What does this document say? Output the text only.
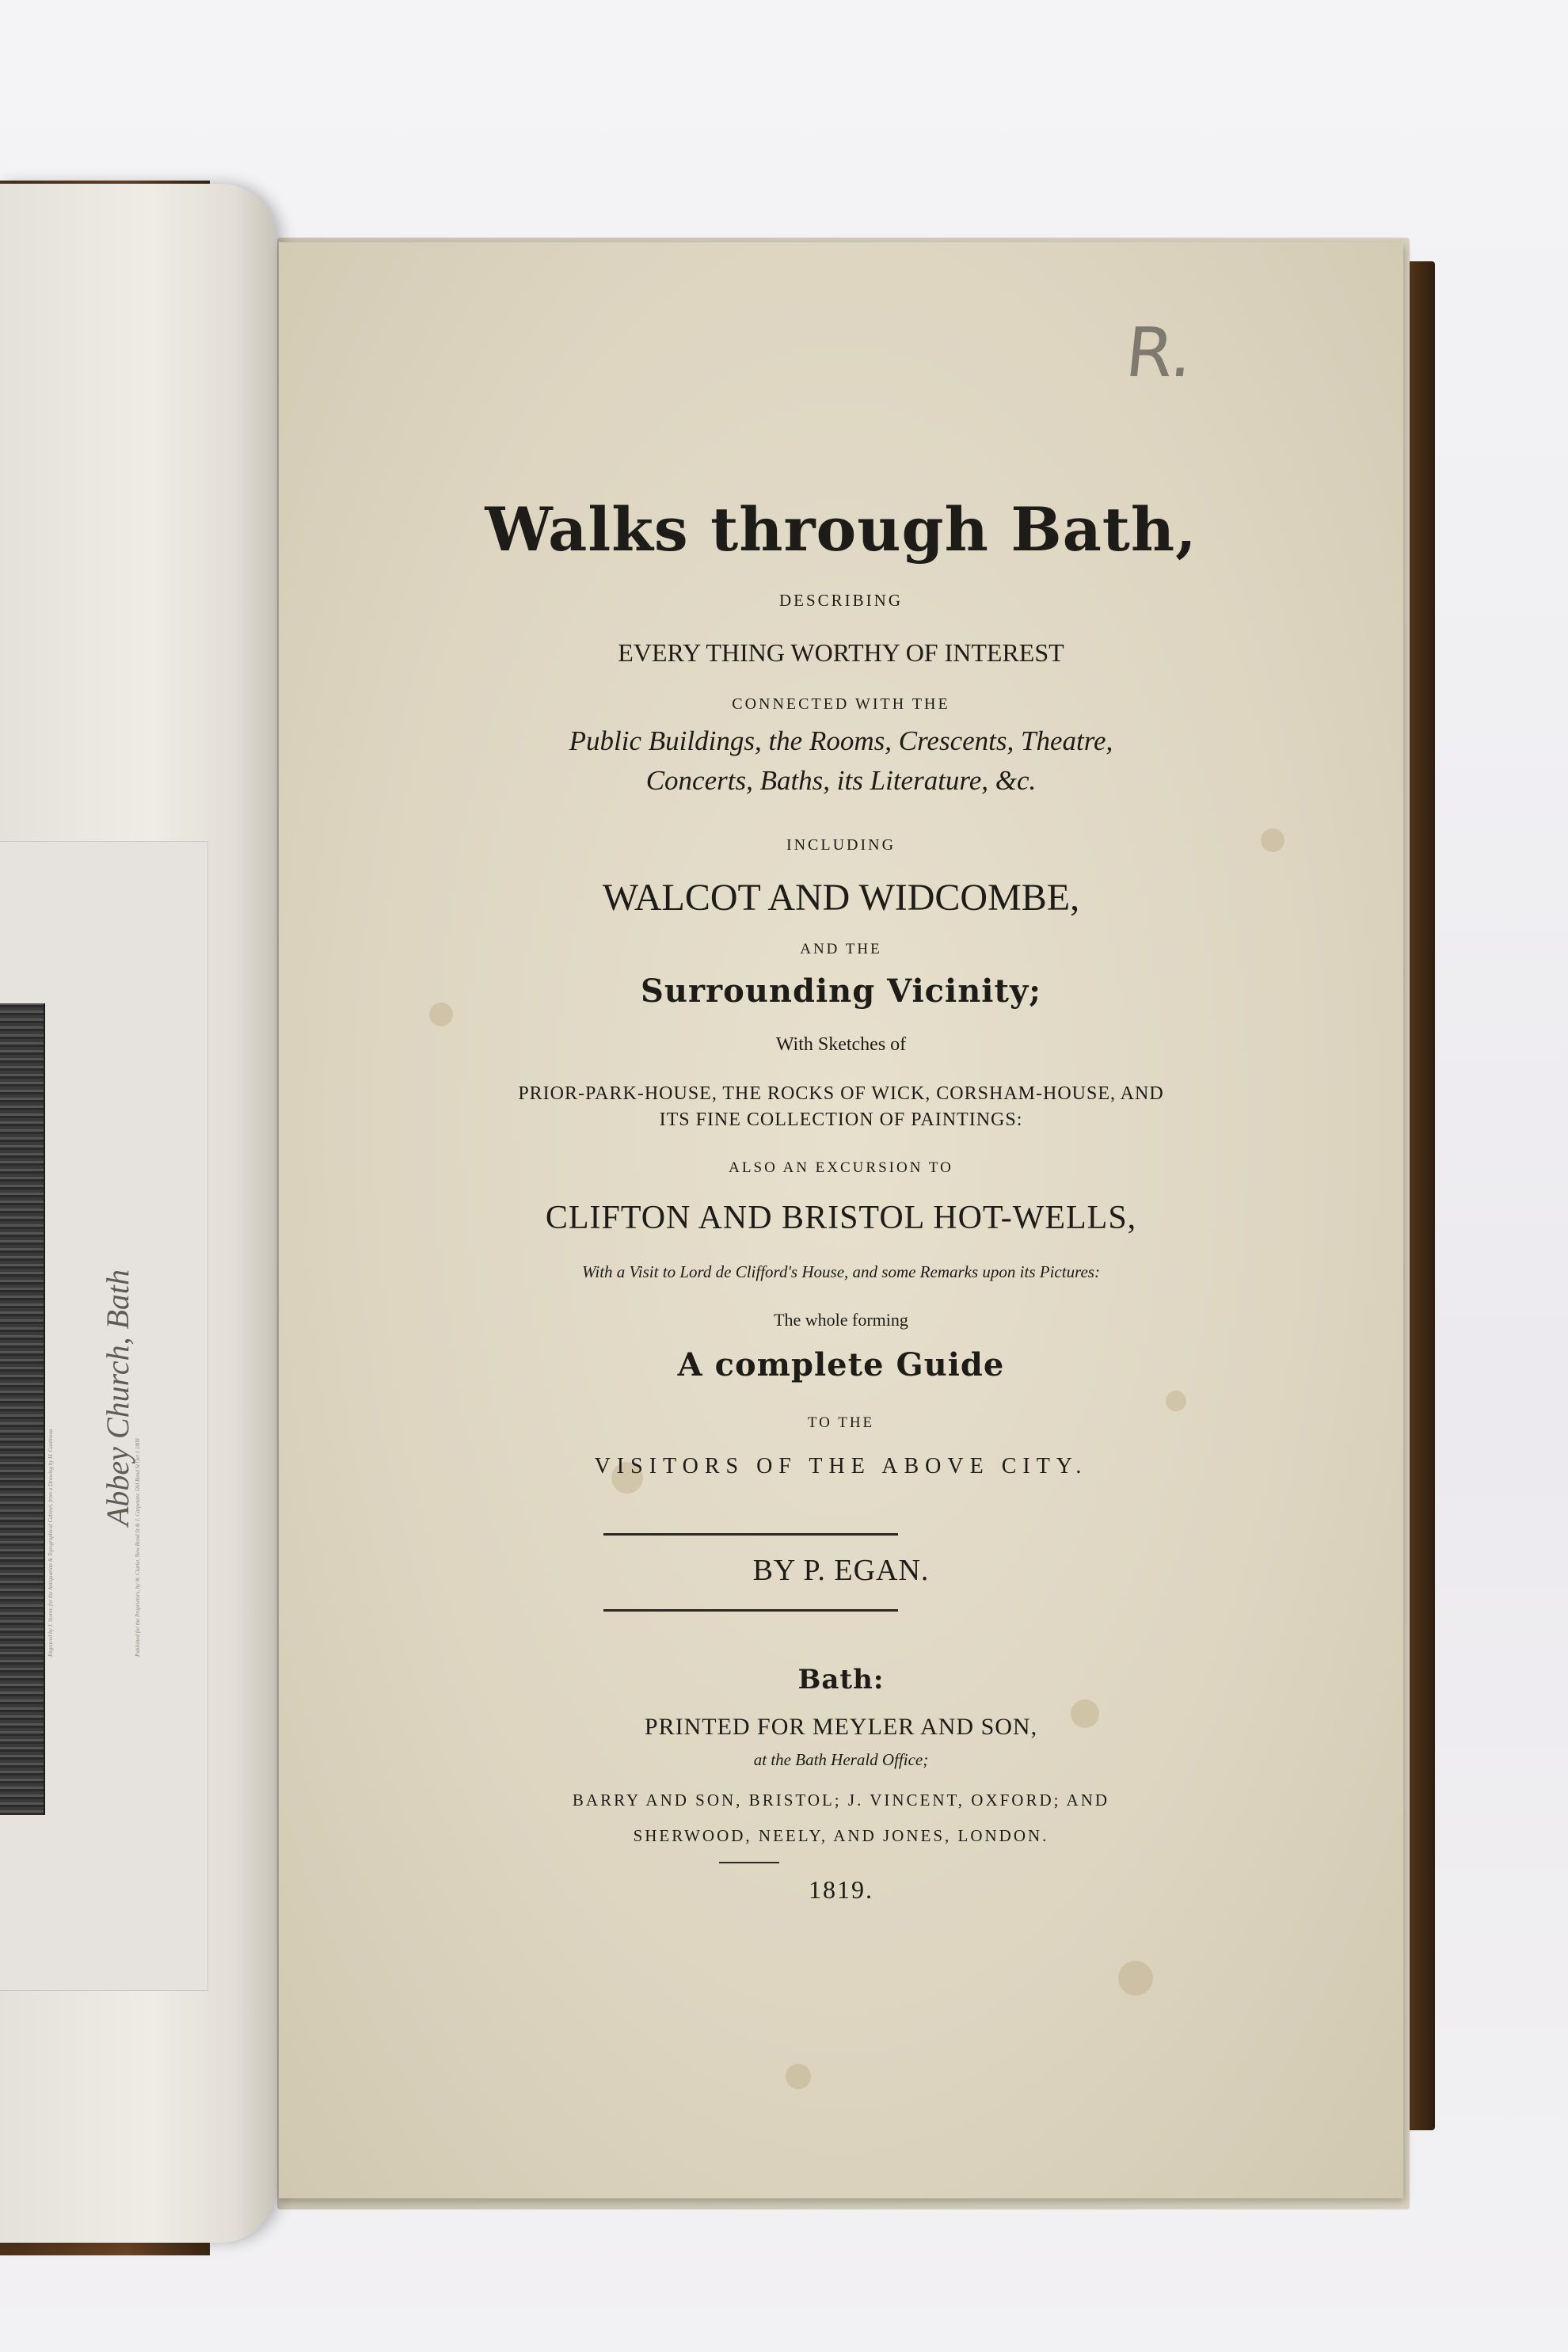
Abbey Church, Bath
Engraved by J. Storer, for the Antiquarian & Topographical Cabinet, from a Drawing by H. Gastineau	Published for the Proprietors, by W. Clarke, New Bond St & J. Carpenter, Old Bond St Oct 1 1808
R.
Walks through Bath,
DESCRIBING
EVERY THING WORTHY OF INTEREST
CONNECTED WITH THE
Public Buildings, the Rooms, Crescents, Theatre,
Concerts, Baths, its Literature, &c.
INCLUDING
WALCOT AND WIDCOMBE,
AND THE
Surrounding Vicinity;
With Sketches of
PRIOR-PARK-HOUSE, THE ROCKS OF WICK, CORSHAM-HOUSE, AND
ITS FINE COLLECTION OF PAINTINGS:
ALSO AN EXCURSION TO
CLIFTON AND BRISTOL HOT-WELLS,
With a Visit to Lord de Clifford's House, and some Remarks upon its Pictures:
The whole forming
A complete Guide
TO THE
VISITORS OF THE ABOVE CITY.
BY P. EGAN.
Bath:
PRINTED FOR MEYLER AND SON,
at the Bath Herald Office;
BARRY AND SON, BRISTOL; J. VINCENT, OXFORD; AND
SHERWOOD, NEELY, AND JONES, LONDON.
1819.
